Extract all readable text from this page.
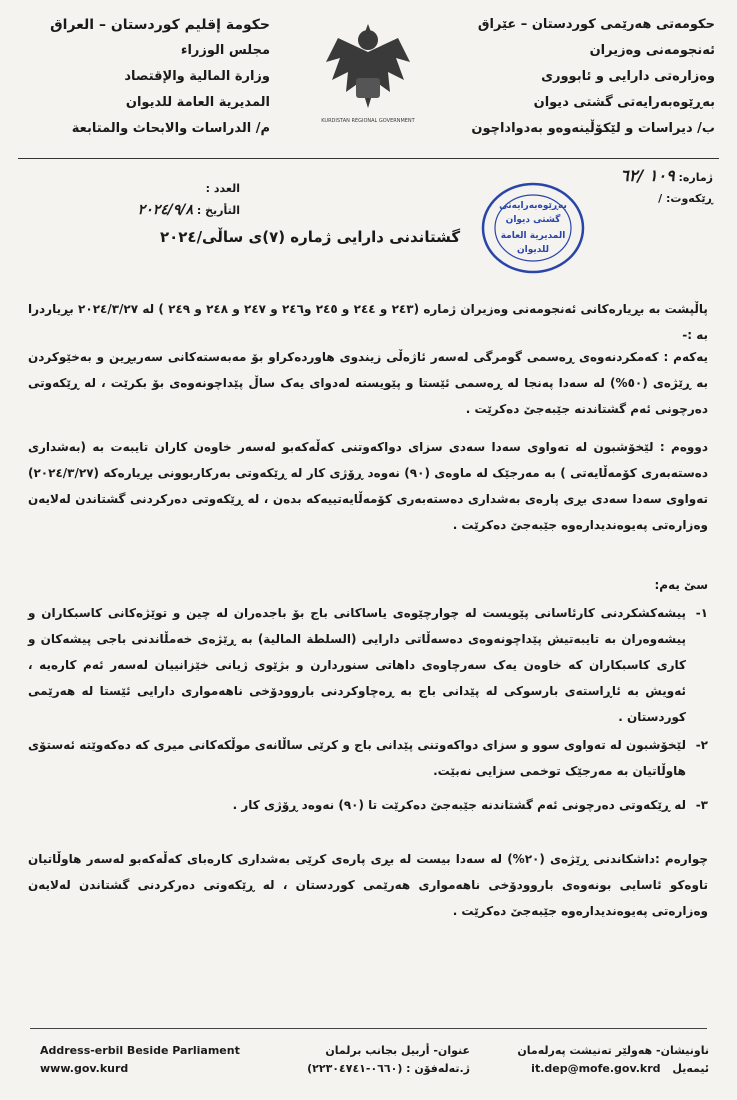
حکومەتی هەرێمی کوردستان – عێراق
ئەنجومەنی وەزیران
وەزارەتی دارایی و ئابووری
بەڕێوەبەرایەتی گشتی دیوان
ب/ دیراسات و لێکۆڵینەوەو بەدواداچون
حكومة إقليم كوردستان – العراق
مجلس الوزراء
وزارة المالية والإقتصاد
المديرية العامة للديوان
م/ الدراسات والابحاث والمتابعة	KURDISTAN REGIONAL GOVERNMENT
ژمارە: ١٠٩ /٦٢
ڕێکەوت: /
العدد :
التأريخ : ٢٠٢٤/٩/٨	بەڕێوەبەرایەتی
گشتی دیوان
المديرية العامة
للديوان
گشتاندنی دارایی ژمارە (٧)ی ساڵی/٢٠٢٤
پاڵپشت بە بڕیارەکانی ئەنجومەنی وەزیران ژمارە (٢٤٣ و ٢٤٤ و ٢٤٥ و٢٤٦ و ٢٤٧ و ٢٤٨ و ٢٤٩ ) لە ٢٠٢٤/٣/٢٧ بڕیاردرا بە :-
یەکەم : کەمکردنەوەی ڕەسمی گومرگی لەسەر ئاژەڵی زیندوی هاوردەکراو بۆ مەبەستەکانی سەربڕین و بەخێوکردن بە ڕێژەی (٥٠%) لە سەدا پەنجا لە ڕەسمی ئێستا و پێویستە لەدوای یەک ساڵ پێداچونەوەی بۆ بکرێت ، لە ڕێکەوتی دەرچونی ئەم گشتاندنە جێبەجێ دەکرێت .
دووەم : لێخۆشبون لە تەواوی سەدا سەدی سزای دواکەوتنی کەڵەکەبو لەسەر خاوەن کاران تایبەت بە (بەشداری دەستەبەری کۆمەڵایەتی ) بە مەرجێک لە ماوەی (٩٠) نەوەد ڕۆژی کار لە ڕێکەوتی بەرکاربوونی بڕیارەکە (٢٠٢٤/٣/٢٧) تەواوی سەدا سەدی بڕی پارەی بەشداری دەستەبەری کۆمەڵایەتییەکە بدەن ، لە ڕێکەوتی دەرکردنی گشتاندن لەلایەن وەزارەتی پەیوەندیدارەوە جێبەجێ دەکرێت .
سێ یەم:
١-
پیشەکشکردنی کارئاسانی پێویست لە چوارچێوەی یاساکانی باج بۆ باجدەران لە چین و توێژەکانی کاسبکاران و پیشەوەران بە تایبەتیش پێداچونەوەی دەسەڵاتی دارایی (السلطة المالية) بە ڕێژەی خەمڵاندنی باجی پیشەکان و کاری کاسبکاران کە خاوەن یەک سەرچاوەی داهاتی سنوردارن و بژێوی ژیانی خێزانییان لەسەر ئەم کارەیە ، ئەویش بە ئاڕاستەی بارسوکی لە پێدانی باج بە ڕەچاوکردنی باروودۆخی ناهەمواری دارایی ئێستا لە هەرێمی کوردستان .
٢-
لێخۆشبون لە تەواوی سوو و سزای دواکەوتنی پێدانی باج و کرێی ساڵانەی موڵکەکانی میری کە دەکەوێتە ئەستۆی هاوڵاتیان بە مەرجێک توخمی سزایی نەبێت.
٣-
لە ڕێکەوتی دەرچونی ئەم گشتاندنە جێبەجێ دەکرێت تا (٩٠) نەوەد ڕۆژی کار .
چوارەم :داشکاندنی ڕێژەی (٢٠%) لە سەدا بیست لە بڕی پارەی کرێی بەشداری کارەبای کەڵەکەبو لەسەر هاوڵاتیان تاوەکو ئاسایی بونەوەی باروودۆخی ناهەمواری هەرێمی کوردستان ، لە ڕێکەوتی دەرکردنی گشتاندن لەلایەن وەزارەتی پەیوەندیدارەوە جێبەجێ دەکرێت .
Address-erbil Beside Parliament
www.gov.kurd
عنوان- أربيل بجانب برلمان
ژ.تەلەفۆن : (٠٦٦٠-٢٢٣٠٤٧٤١)
ناونیشان- هەولێر تەنیشت پەرلەمان
ئیمەیل it.dep@mofe.gov.krd
